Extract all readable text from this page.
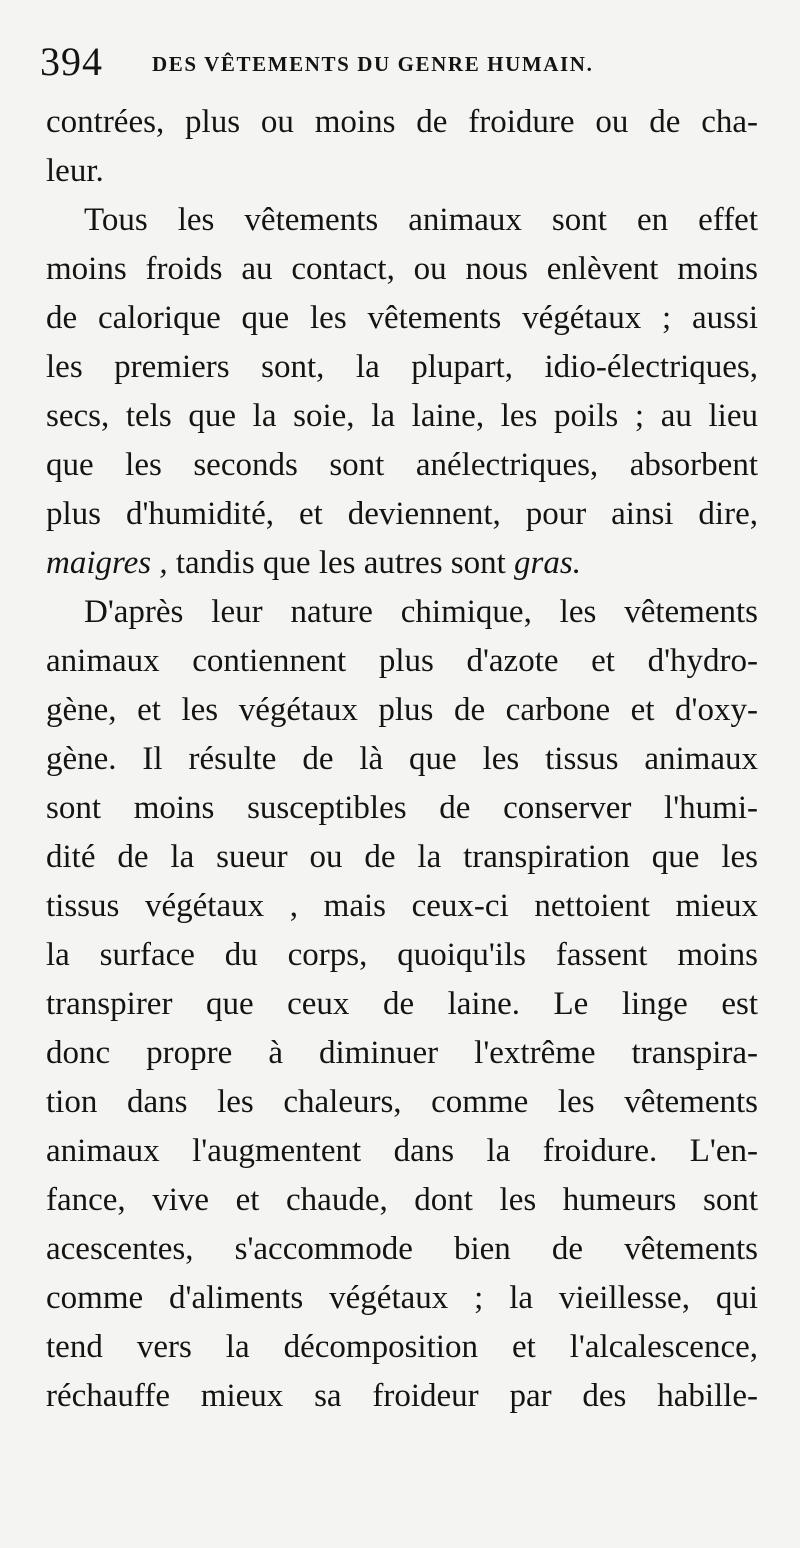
394 DES VÊTEMENTS DU GENRE HUMAIN.
contrées, plus ou moins de froidure ou de cha-
leur.
Tous les vêtements animaux sont en effet
moins froids au contact, ou nous enlèvent moins
de calorique que les vêtements végétaux ; aussi
les premiers sont, la plupart, idio-électriques,
secs, tels que la soie, la laine, les poils ; au lieu
que les seconds sont anélectriques, absorbent
plus d'humidité, et deviennent, pour ainsi dire,
maigres , tandis que les autres sont gras.
D'après leur nature chimique, les vêtements
animaux contiennent plus d'azote et d'hydro-
gène, et les végétaux plus de carbone et d'oxy-
gène. Il résulte de là que les tissus animaux
sont moins susceptibles de conserver l'humi-
dité de la sueur ou de la transpiration que les
tissus végétaux , mais ceux-ci nettoient mieux
la surface du corps, quoiqu'ils fassent moins
transpirer que ceux de laine. Le linge est
donc propre à diminuer l'extrême transpira-
tion dans les chaleurs, comme les vêtements
animaux l'augmentent dans la froidure. L'en-
fance, vive et chaude, dont les humeurs sont
acescentes, s'accommode bien de vêtements
comme d'aliments végétaux ; la vieillesse, qui
tend vers la décomposition et l'alcalescence,
réchauffe mieux sa froideur par des habille-
